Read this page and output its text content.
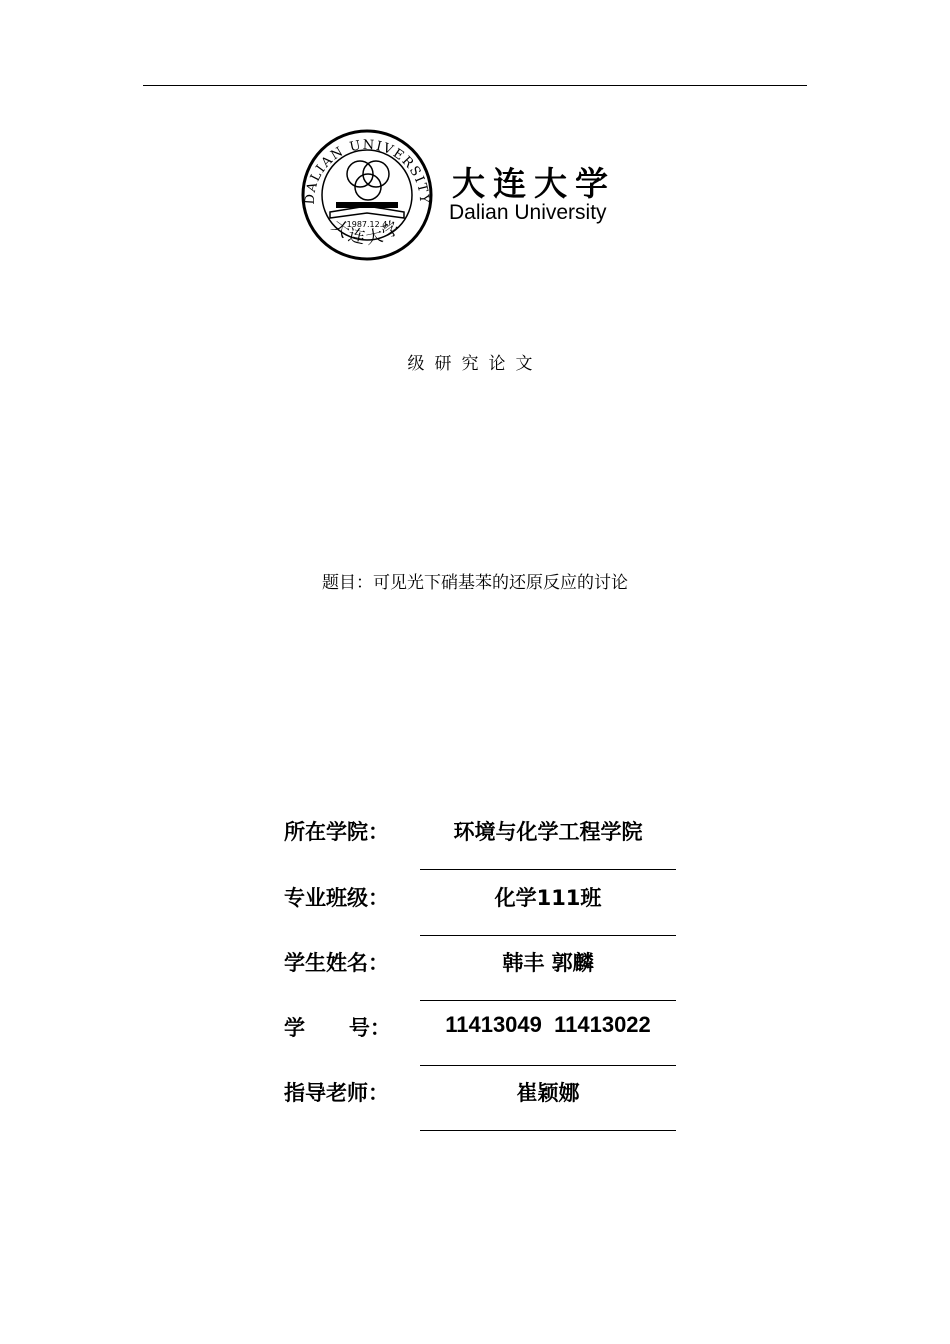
DALIAN UNIVERSITY
大连大学
1987.12.4
大连大学
Dalian University
级研究论文
题目：可见光下硝基苯的还原反应的讨论
所在学院：	环境与化学工程学院
专业班级：	化学111班
学生姓名：	韩丰 郭麟
学      号：	11413049  11413022
指导老师：	崔颖娜
